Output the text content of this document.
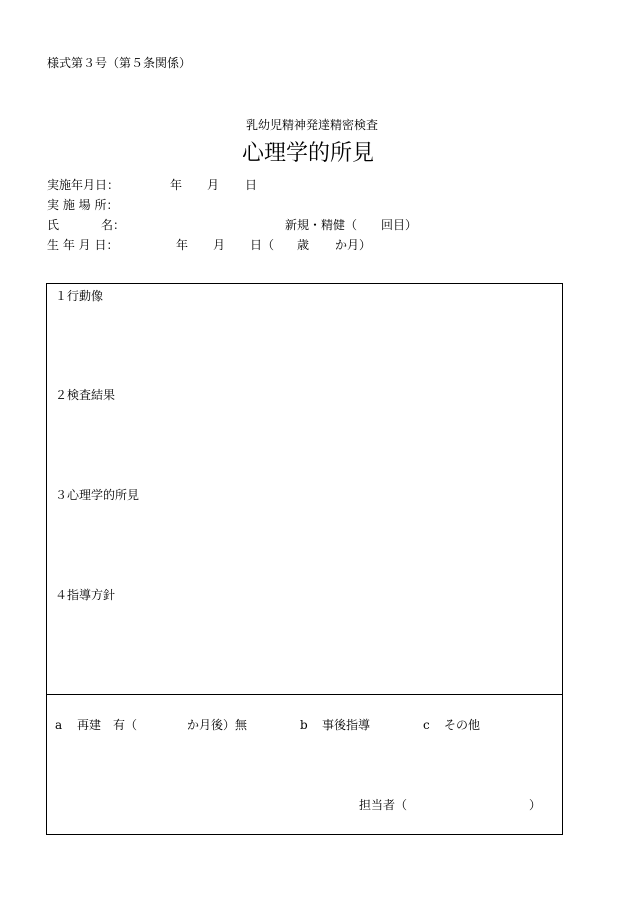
様式第３号（第５条関係）
乳幼児精神発達精密検査
心理学的所見
実施年月日：	年 月 日
実 施 場 所：
氏	名：	新規・精健（　　回目）
生 年 月 日：	年 月 日（ 歳 か月）
１行動像
２検査結果
３心理学的所見
４指導方針
a 再建　有（	か月後）無	b 事後指導	c その他
担当者（	）
